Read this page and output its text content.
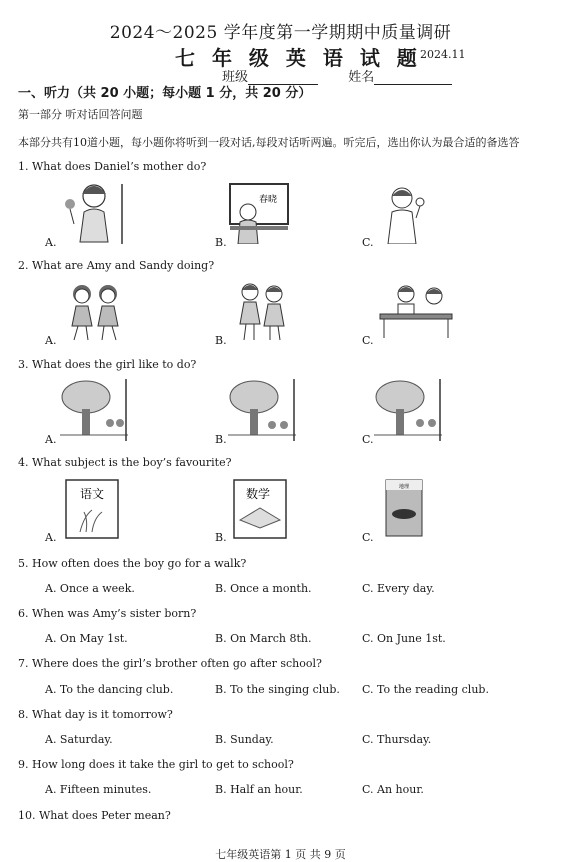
2024～2025 学年度第一学期期中质量调研
七 年 级 英 语 试 题
2024.11
班级	姓名
一、听力（共 20 小题；每小题 1 分，共 20 分）
第一部分 听对话回答问题
本部分共有10道小题，每小题你将听到一段对话,每段对话听两遍。听完后，选出你认为最合适的备选答
1. What does Daniel’s mother do?
春晓
A.	B.	C.
2. What are Amy and Sandy doing?
A.	B.	C.
3. What does the girl like to do?
A.	B.	C.
4. What subject is the boy’s favourite?
语文	数学	地理
A.	B.	C.
5. How often does the boy go for a walk?
A. Once a week.	B. Once a month.	C. Every day.
6. When was Amy’s sister born?
A. On May 1st.	B. On March 8th.	C. On June 1st.
7. Where does the girl’s brother often go after school?
A. To the dancing club.	B. To the singing club. C. To the reading club.
8. What day is it tomorrow?
A. Saturday.	B. Sunday.	C. Thursday.
9. How long does it take the girl to get to school?
A. Fifteen minutes.	B. Half an hour.	C. An hour.
10. What does Peter mean?
七年级英语第 1 页 共 9 页
